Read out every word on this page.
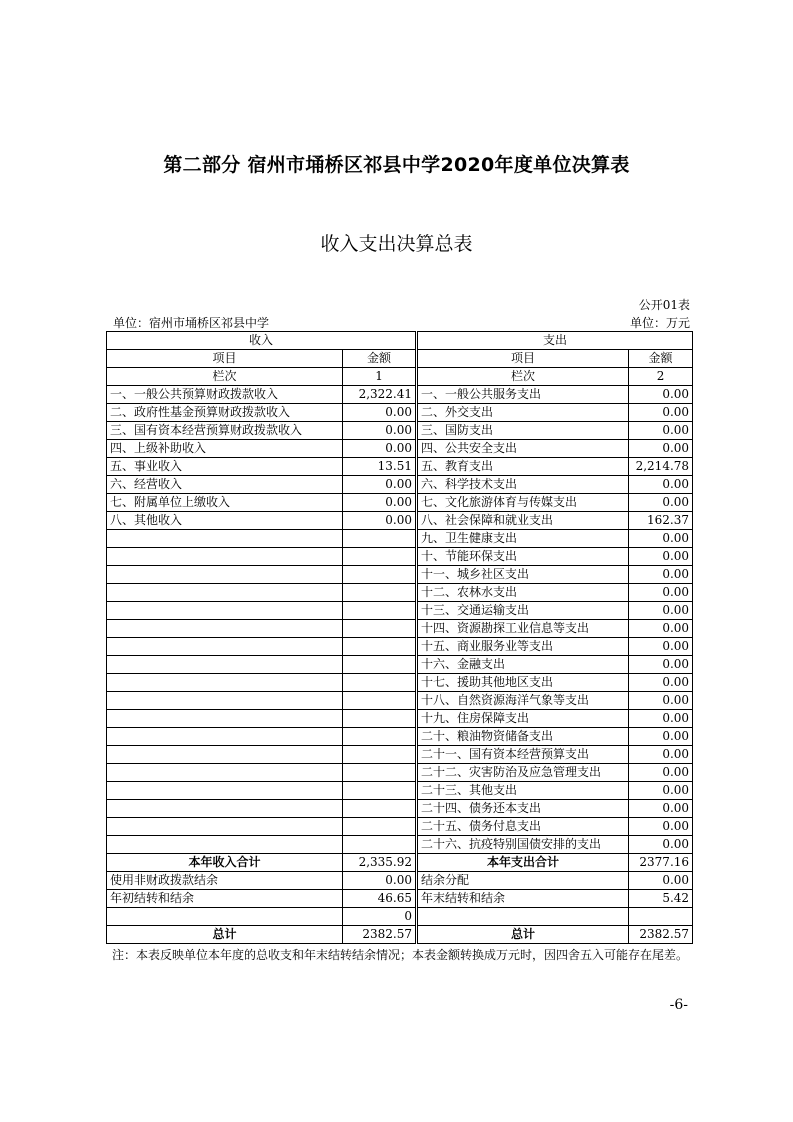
第二部分 宿州市埇桥区祁县中学2020年度单位决算表
收入支出决算总表
公开01表
单位：宿州市埇桥区祁县中学	单位：万元
收入		支出	
项目	金额	项目	金额
栏次	1	栏次	2
一、一般公共预算财政拨款收入	2,322.41	一、一般公共服务支出	0.00
二、政府性基金预算财政拨款收入	0.00	二、外交支出	0.00
三、国有资本经营预算财政拨款收入	0.00	三、国防支出	0.00
四、上级补助收入	0.00	四、公共安全支出	0.00
五、事业收入	13.51	五、教育支出	2,214.78
六、经营收入	0.00	六、科学技术支出	0.00
七、附属单位上缴收入	0.00	七、文化旅游体育与传媒支出	0.00
八、其他收入	0.00	八、社会保障和就业支出	162.37
		九、卫生健康支出	0.00
		十、节能环保支出	0.00
		十一、城乡社区支出	0.00
		十二、农林水支出	0.00
		十三、交通运输支出	0.00
		十四、资源勘探工业信息等支出	0.00
		十五、商业服务业等支出	0.00
		十六、金融支出	0.00
		十七、援助其他地区支出	0.00
		十八、自然资源海洋气象等支出	0.00
		十九、住房保障支出	0.00
		二十、粮油物资储备支出	0.00
		二十一、国有资本经营预算支出	0.00
		二十二、灾害防治及应急管理支出	0.00
		二十三、其他支出	0.00
		二十四、债务还本支出	0.00
		二十五、债务付息支出	0.00
		二十六、抗疫特别国债安排的支出	0.00
本年收入合计	2,335.92	本年支出合计	2377.16
使用非财政拨款结余	0.00	结余分配	0.00
年初结转和结余	46.65	年末结转和结余	5.42
	0		
总计	2382.57	总计	2382.57
注：本表反映单位本年度的总收支和年末结转结余情况；本表金额转换成万元时，因四舍五入可能存在尾差。
-6-
